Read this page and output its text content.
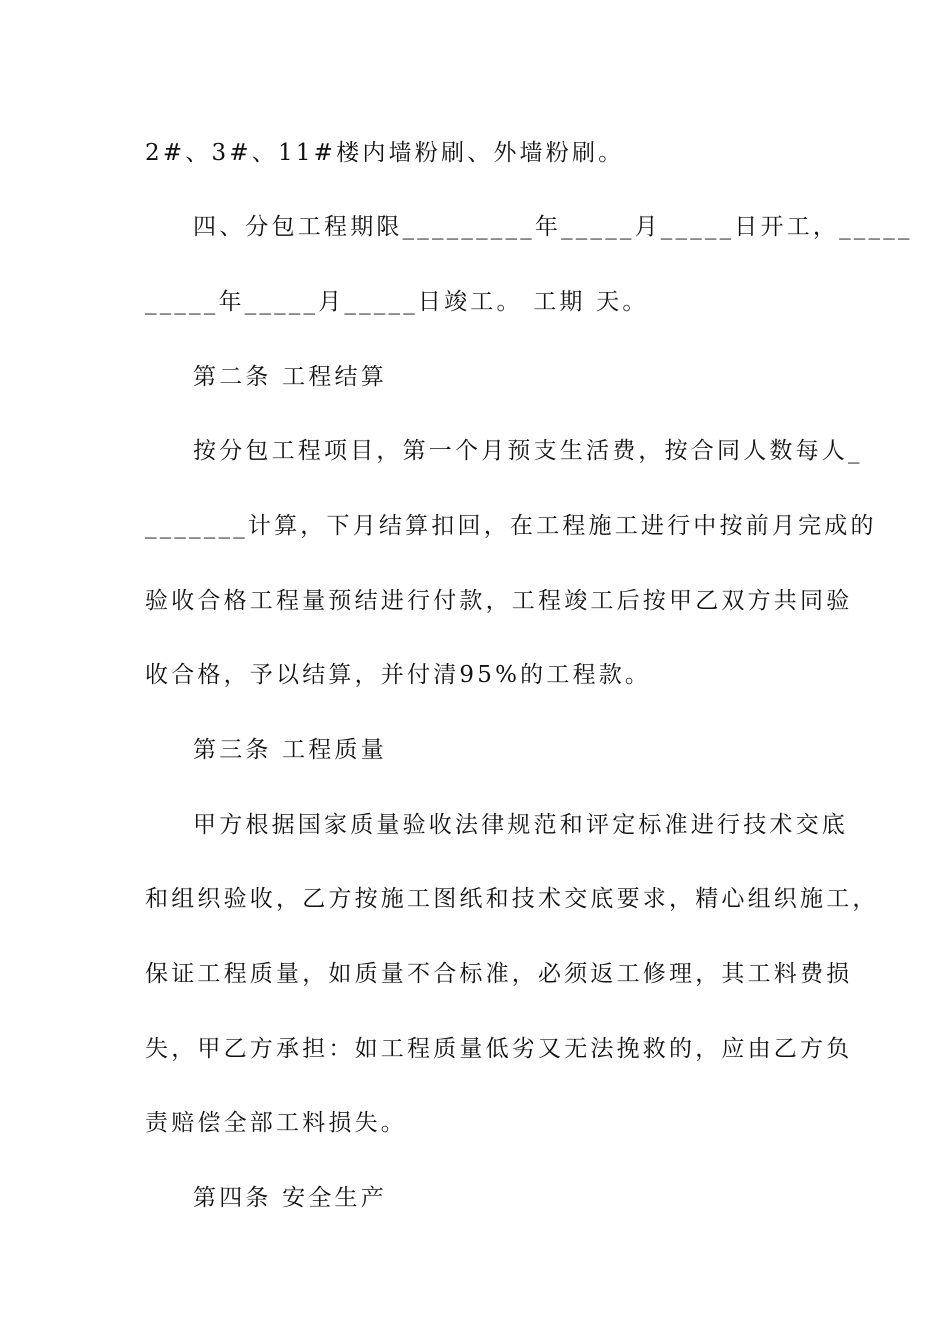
2#、3#、11#楼内墙粉刷、外墙粉刷。
四、分包工程期限_________年_____月_____日开工，_____
_____年_____月_____日竣工。 工期 天。
第二条 工程结算
按分包工程项目，第一个月预支生活费，按合同人数每人_
_______计算，下月结算扣回，在工程施工进行中按前月完成的
验收合格工程量预结进行付款，工程竣工后按甲乙双方共同验
收合格，予以结算，并付清95%的工程款。
第三条 工程质量
甲方根据国家质量验收法律规范和评定标准进行技术交底
和组织验收，乙方按施工图纸和技术交底要求，精心组织施工，
保证工程质量，如质量不合标准，必须返工修理，其工料费损
失，甲乙方承担：如工程质量低劣又无法挽救的，应由乙方负
责赔偿全部工料损失。
第四条 安全生产
